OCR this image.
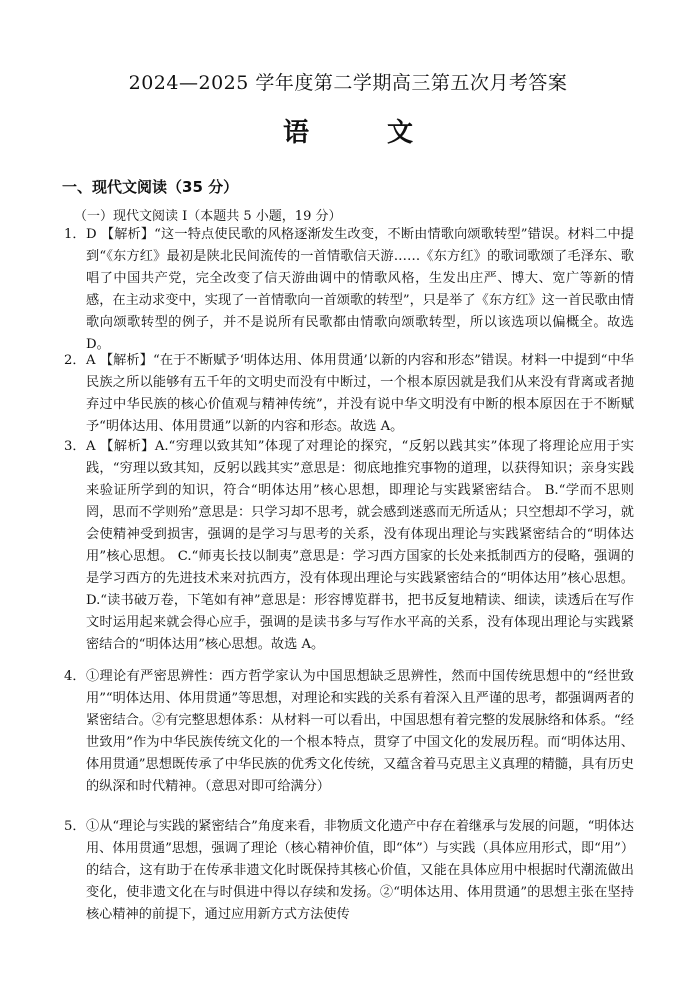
2024—2025 学年度第二学期高三第五次月考答案
语　文
一、现代文阅读（35 分）
（一）现代文阅读 I（本题共 5 小题，19 分）
1． D 【解析】“这一特点使民歌的风格逐渐发生改变，不断由情歌向颂歌转型”错误。材料二中提到“《东方红》最初是陕北民间流传的一首情歌信天游……《东方红》的歌词歌颂了毛泽东、歌唱了中国共产党，完全改变了信天游曲调中的情歌风格，生发出庄严、博大、宽广等新的情感，在主动求变中，实现了一首情歌向一首颂歌的转型”，只是举了《东方红》这一首民歌由情歌向颂歌转型的例子，并不是说所有民歌都由情歌向颂歌转型，所以该选项以偏概全。故选 D。
2． A 【解析】“在于不断赋予‘明体达用、体用贯通’以新的内容和形态”错误。材料一中提到“中华民族之所以能够有五千年的文明史而没有中断过，一个根本原因就是我们从来没有背离或者抛弃过中华民族的核心价值观与精神传统”，并没有说中华文明没有中断的根本原因在于不断赋予“明体达用、体用贯通”以新的内容和形态。故选 A。
3． A 【解析】A.“穷理以致其知”体现了对理论的探究，“反躬以践其实”体现了将理论应用于实践，“穷理以致其知，反躬以践其实”意思是：彻底地推究事物的道理，以获得知识；亲身实践来验证所学到的知识，符合“明体达用”核心思想，即理论与实践紧密结合。 B.“学而不思则罔，思而不学则殆”意思是：只学习却不思考，就会感到迷惑而无所适从；只空想却不学习，就会使精神受到损害，强调的是学习与思考的关系，没有体现出理论与实践紧密结合的“明体达用”核心思想。 C.“师夷长技以制夷”意思是：学习西方国家的长处来抵制西方的侵略，强调的是学习西方的先进技术来对抗西方，没有体现出理论与实践紧密结合的“明体达用”核心思想。 D.“读书破万卷，下笔如有神”意思是：形容博览群书，把书反复地精读、细读，读透后在写作文时运用起来就会得心应手，强调的是读书多与写作水平高的关系，没有体现出理论与实践紧密结合的“明体达用”核心思想。故选 A。
4． ①理论有严密思辨性：西方哲学家认为中国思想缺乏思辨性，然而中国传统思想中的“经世致用”“明体达用、体用贯通”等思想，对理论和实践的关系有着深入且严谨的思考，都强调两者的紧密结合。②有完整思想体系：从材料一可以看出，中国思想有着完整的发展脉络和体系。“经世致用”作为中华民族传统文化的一个根本特点，贯穿了中国文化的发展历程。而“明体达用、体用贯通”思想既传承了中华民族的优秀文化传统，又蕴含着马克思主义真理的精髓，具有历史的纵深和时代精神。（意思对即可给满分）
5． ①从“理论与实践的紧密结合”角度来看，非物质文化遗产中存在着继承与发展的问题，“明体达用、体用贯通”思想，强调了理论（核心精神价值，即“体”）与实践（具体应用形式，即“用”）的结合，这有助于在传承非遗文化时既保持其核心价值，又能在具体应用中根据时代潮流做出变化，使非遗文化在与时俱进中得以存续和发扬。②“明体达用、体用贯通”的思想主张在坚持核心精神的前提下，通过应用新方式方法使传
